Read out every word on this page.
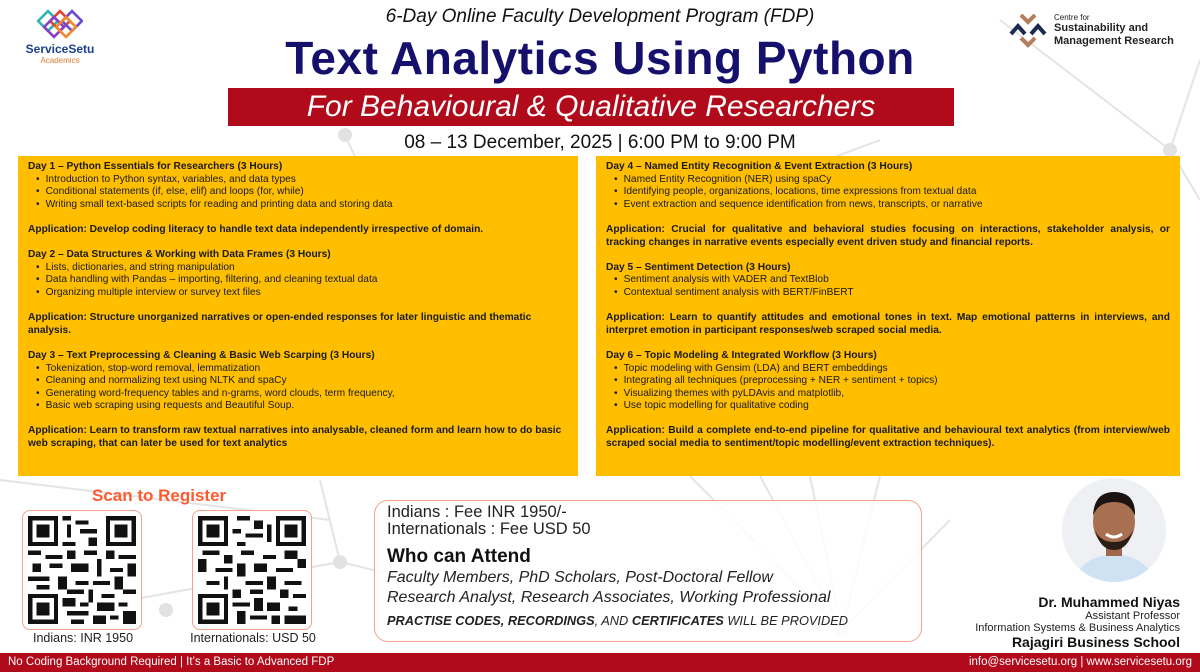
ServiceSetu
Academics
Centre for
Sustainability and
Management Research
6-Day Online Faculty Development Program (FDP)
Text Analytics Using Python
For Behavioural & Qualitative Researchers
08 – 13 December, 2025 | 6:00 PM to 9:00 PM
Day 1 – Python Essentials for Researchers (3 Hours)
• Introduction to Python syntax, variables, and data types
• Conditional statements (if, else, elif) and loops (for, while)
• Writing small text-based scripts for reading and printing data and storing data
Application: Develop coding literacy to handle text data independently irrespective of domain.
Day 2 – Data Structures & Working with Data Frames (3 Hours)
• Lists, dictionaries, and string manipulation
• Data handling with Pandas – importing, filtering, and cleaning textual data
• Organizing multiple interview or survey text files
Application: Structure unorganized narratives or open-ended responses for later linguistic and thematic analysis.
Day 3 – Text Preprocessing & Cleaning & Basic Web Scarping (3 Hours)
• Tokenization, stop-word removal, lemmatization
• Cleaning and normalizing text using NLTK and spaCy
• Generating word-frequency tables and n-grams, word clouds, term frequency,
• Basic web scraping using requests and Beautiful Soup.
Application: Learn to transform raw textual narratives into analysable, cleaned form and learn how to do basic web scraping, that can later be used for text analytics
Day 4 – Named Entity Recognition & Event Extraction (3 Hours)
• Named Entity Recognition (NER) using spaCy
• Identifying people, organizations, locations, time expressions from textual data
• Event extraction and sequence identification from news, transcripts, or narrative
Application: Crucial for qualitative and behavioral studies focusing on interactions, stakeholder analysis, or tracking changes in narrative events especially event driven study and financial reports.
Day 5 – Sentiment Detection (3 Hours)
• Sentiment analysis with VADER and TextBlob
• Contextual sentiment analysis with BERT/FinBERT
Application: Learn to quantify attitudes and emotional tones in text. Map emotional patterns in interviews, and interpret emotion in participant responses/web scraped social media.
Day 6 – Topic Modeling & Integrated Workflow (3 Hours)
• Topic modeling with Gensim (LDA) and BERT embeddings
• Integrating all techniques (preprocessing + NER + sentiment + topics)
• Visualizing themes with pyLDAvis and matplotlib,
• Use topic modelling for qualitative coding
Application: Build a complete end-to-end pipeline for qualitative and behavioural text analytics (from interview/web scraped social media to sentiment/topic modelling/event extraction techniques).
Scan to Register
Indians: INR 1950	Internationals: USD 50
Indians : Fee INR 1950/-
Internationals : Fee USD 50
Who can Attend
Faculty Members, PhD Scholars, Post-Doctoral Fellow
Research Analyst, Research Associates, Working Professional
PRACTISE CODES, RECORDINGS, AND CERTIFICATES WILL BE PROVIDED
Dr. Muhammed Niyas
Assistant Professor
Information Systems & Business Analytics
Rajagiri Business School
No Coding Background Required | It’s a Basic to Advanced FDP	info@servicesetu.org | www.servicesetu.org
